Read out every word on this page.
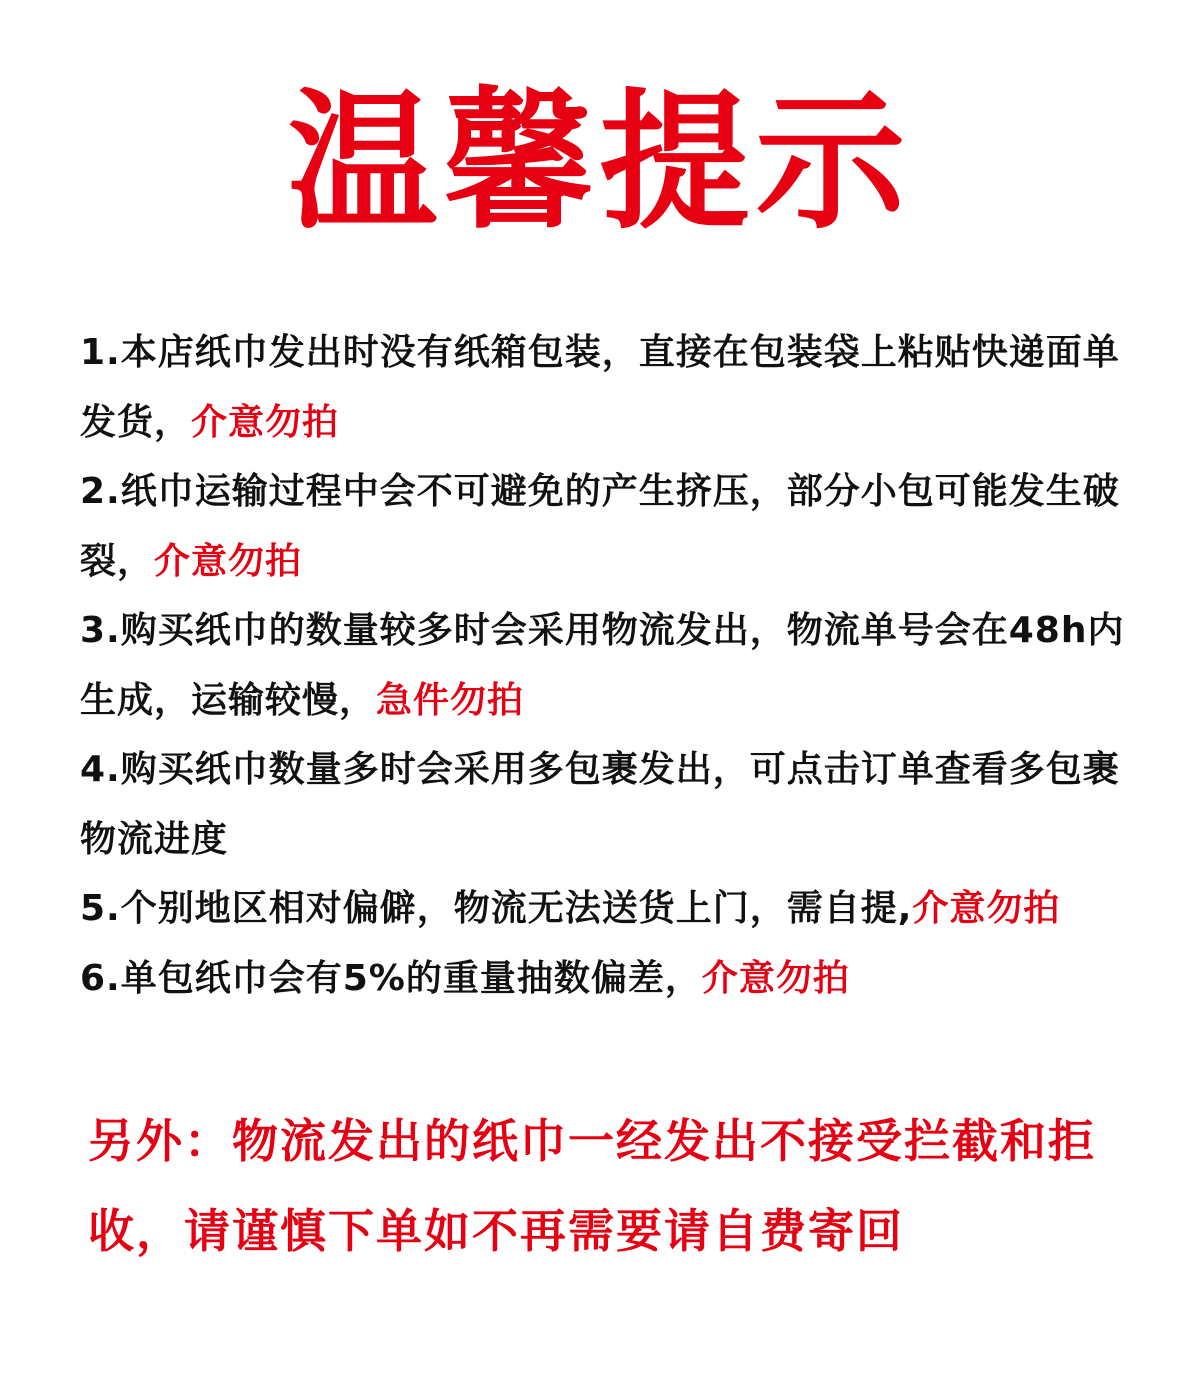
温馨提示

1.本店纸巾发出时没有纸箱包装，直接在包装袋上粘贴快递面单发货，介意勿拍

2.纸巾运输过程中会不可避免的产生挤压，部分小包可能发生破裂，介意勿拍

3.购买纸巾的数量较多时会采用物流发出，物流单号会在48h内生成，运输较慢，急件勿拍

4.购买纸巾数量多时会采用多包裹发出，可点击订单查看多包裹物流进度

5.个别地区相对偏僻，物流无法送货上门，需自提,介意勿拍

6.单包纸巾会有5%的重量抽数偏差，介意勿拍

另外：物流发出的纸巾一经发出不接受拦截和拒收，请谨慎下单如不再需要请自费寄回
